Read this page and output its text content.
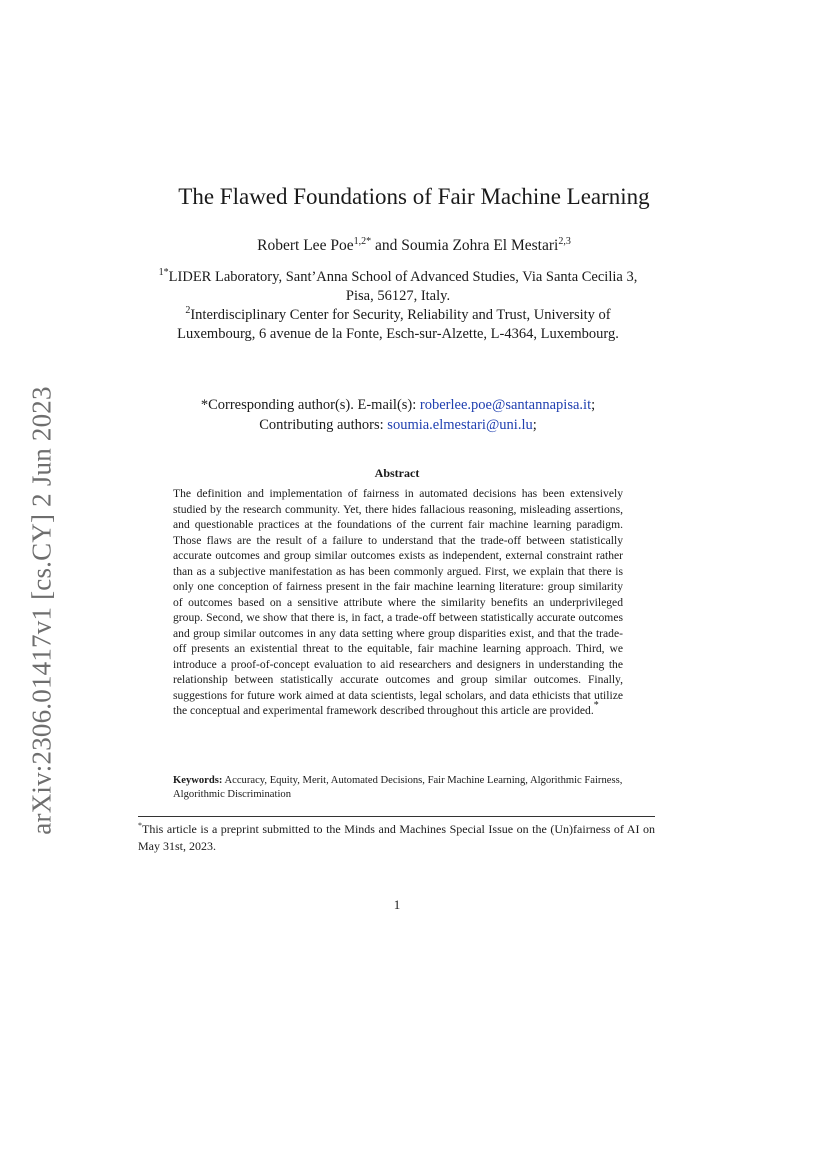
arXiv:2306.01417v1 [cs.CY] 2 Jun 2023
The Flawed Foundations of Fair Machine Learning
Robert Lee Poe$^{1,2*}$ and Soumia Zohra El Mestari$^{2,3}$
$^{1*}$LIDER Laboratory, Sant’Anna School of Advanced Studies, Via Santa Cecilia 3, Pisa, 56127, Italy.
$^2$Interdisciplinary Center for Security, Reliability and Trust, University of Luxembourg, 6 avenue de la Fonte, Esch-sur-Alzette, L-4364, Luxembourg.
*Corresponding author(s). E-mail(s): roberlee.poe@santannapisa.it;
Contributing authors: soumia.elmestari@uni.lu;
Abstract

The definition and implementation of fairness in automated decisions has been extensively studied by the research community. Yet, there hides fallacious reasoning, misleading assertions, and questionable practices at the foundations of the current fair machine learning paradigm. Those flaws are the result of a failure to understand that the trade-off between statistically accurate outcomes and group similar outcomes exists as independent, external constraint rather than as a subjective manifestation as has been commonly argued. First, we explain that there is only one conception of fairness present in the fair machine learning literature: group similarity of outcomes based on a sensitive attribute where the similarity benefits an underprivileged group. Second, we show that there is, in fact, a trade-off between statistically accurate outcomes and group similar outcomes in any data setting where group disparities exist, and that the trade-off presents an existential threat to the equitable, fair machine learning approach. Third, we introduce a proof-of-concept evaluation to aid researchers and designers in understanding the relationship between statistically accurate outcomes and group similar outcomes. Finally, suggestions for future work aimed at data scientists, legal scholars, and data ethicists that utilize the conceptual and experimental framework described throughout this article are provided.*

Keywords: Accuracy, Equity, Merit, Automated Decisions, Fair Machine Learning, Algorithmic Fairness, Algorithmic Discrimination
*This article is a preprint submitted to the Minds and Machines Special Issue on the (Un)fairness of AI on May 31st, 2023.
1
